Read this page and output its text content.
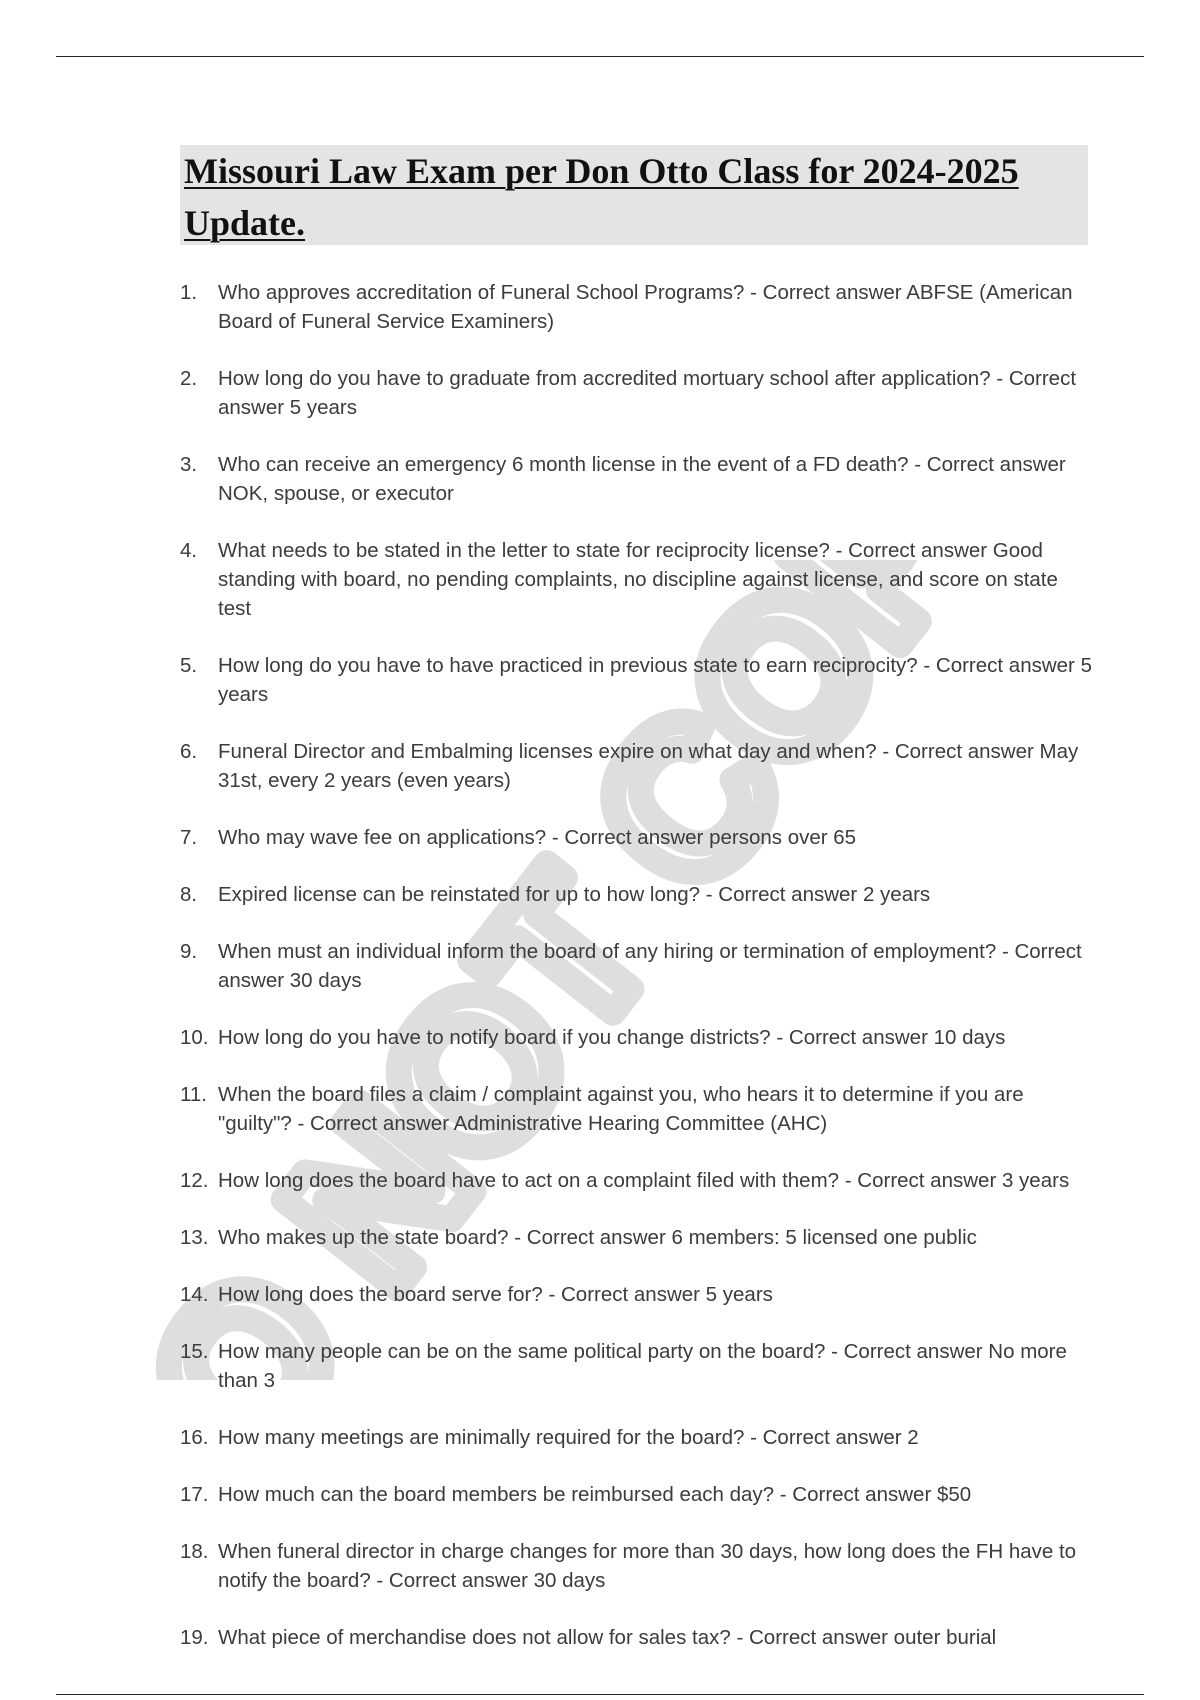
NOT COPY
Missouri Law Exam per Don Otto Class for 2024-2025 Update.
1. Who approves accreditation of Funeral School Programs? - Correct answer ABFSE (American Board of Funeral Service Examiners)
2. How long do you have to graduate from accredited mortuary school after application? - Correct answer 5 years
3. Who can receive an emergency 6 month license in the event of a FD death? - Correct answer NOK, spouse, or executor
4. What needs to be stated in the letter to state for reciprocity license? - Correct answer Good standing with board, no pending complaints, no discipline against license, and score on state test
5. How long do you have to have practiced in previous state to earn reciprocity? - Correct answer 5 years
6. Funeral Director and Embalming licenses expire on what day and when? - Correct answer May 31st, every 2 years (even years)
7. Who may wave fee on applications? - Correct answer persons over 65
8. Expired license can be reinstated for up to how long? - Correct answer 2 years
9. When must an individual inform the board of any hiring or termination of employment? - Correct answer 30 days
10. How long do you have to notify board if you change districts? - Correct answer 10 days
11. When the board files a claim / complaint against you, who hears it to determine if you are "guilty"? - Correct answer Administrative Hearing Committee (AHC)
12. How long does the board have to act on a complaint filed with them? - Correct answer 3 years
13. Who makes up the state board? - Correct answer 6 members: 5 licensed one public
14. How long does the board serve for? - Correct answer 5 years
15. How many people can be on the same political party on the board? - Correct answer No more than 3
16. How many meetings are minimally required for the board? - Correct answer 2
17. How much can the board members be reimbursed each day? - Correct answer $50
18. When funeral director in charge changes for more than 30 days, how long does the FH have to notify the board? - Correct answer 30 days
19. What piece of merchandise does not allow for sales tax? - Correct answer outer burial
